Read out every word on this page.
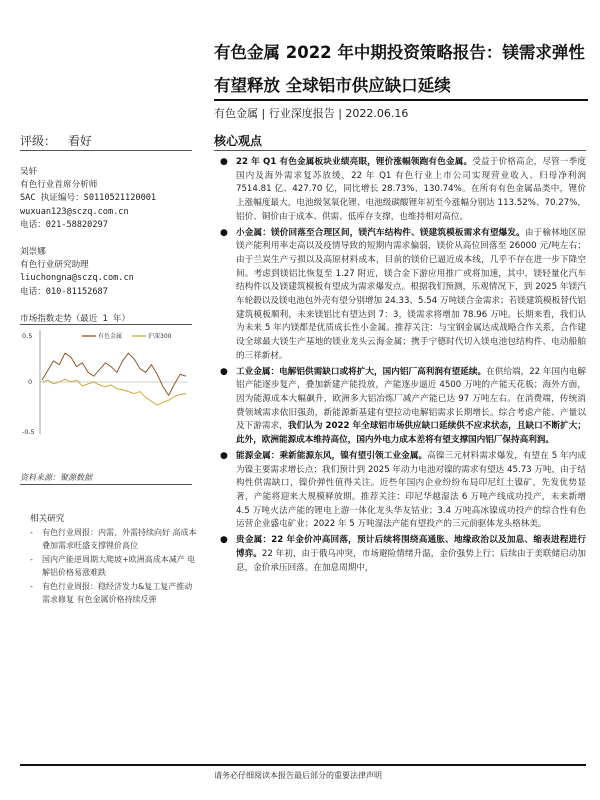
有色金属 2022 年中期投资策略报告：镁需求弹性有望释放 全球铝市供应缺口延续
有色金属 | 行业深度报告 | 2022.06.16
评级： 看好	核心观点
吴轩
有色行业首席分析师
SAC 执证编号：S0110521120001
wuxuan123@sczq.com.cn
电话：021-58820297
刘崇娜
有色行业研究助理
liuchongna@sczq.com.cn
电话：010-81152687
市场指数走势（最近 1 年）
0.5
0
-0.5
有色金属	沪深300
资料来源：聚源数据
相关研究
- 有色行业周报：内需、外需持续向好 高成本叠加需求旺盛支撑锂价高位
- 国内产能逆周期大爬坡+欧洲高成本减产 电解铝价格易涨难跌
- 有色行业周报：稳经济发力&复工复产推动需求修复 有色金属价格持续反弹
● 22 年 Q1 有色金属板块业绩亮眼，锂价涨幅领跑有色金属。受益于价格高企，尽管一季度国内及海外需求复苏放缓，22 年 Q1 有色行业上市公司实现营业收入、归母净利润 7514.81 亿、427.70 亿，同比增长 28.73%、130.74%。在所有有色金属品类中，锂价上涨幅度最大，电池级氢氧化锂、电池级碳酸锂年初至今涨幅分别达 113.52%、70.27%，铝价、铜价由于成本、供需、低库存支撑，也维持相对高位。
● 小金属：镁价回落至合理区间，镁汽车结构件、镁建筑模板需求有望爆发。由于榆林地区原镁产能利用率走高以及疫情导致的短期内需求偏弱，镁价从高位回落至 26000 元/吨左右；由于兰炭生产亏损以及高原材料成本，目前的镁价已逼近成本线，几乎不存在进一步下降空间。考虑到镁铝比恢复至 1.27 附近，镁合金下游应用推广或将加速，其中，镁轻量化汽车结构件以及镁建筑模板有望成为需求爆发点。根据我们预测，乐观情况下，到 2025 年镁汽车轮毂以及镁电池包外壳有望分别增加 24.33、5.54 万吨镁合金需求；若镁建筑模板替代铝建筑模板顺利，未来镁铝比有望达到 7：3，镁需求将增加 78.96 万吨。长期来看，我们认为未来 5 年内镁都是优质成长性小金属。推荐关注：与宝钢金属达成战略合作关系，合作建设全球最大镁生产基地的镁业龙头云海金属；携手宁德时代切入镁电池包结构件、电动船舶的三祥新材。
● 工业金属：电解铝供需缺口或将扩大，国内铝厂高利润有望延续。在供给端，22 年国内电解铝产能逐步复产，叠加新建产能投放，产能逐步逼近 4500 万吨的产能天花板；海外方面，因为能源成本大幅飙升，欧洲多大铝冶炼厂减产产能已达 97 万吨左右。在消费端，传统消费领域需求依旧强劲，新能源新基建有望拉动电解铝需求长期增长。综合考虑产能、产量以及下游需求，我们认为 2022 年全球铝市场供应缺口延续供不应求状态，且缺口不断扩大；此外，欧洲能源成本维持高位，国内外电力成本差将有望支撑国内铝厂保持高利润。
● 能源金属：乘新能源东风，镍有望引领工业金属。高镍三元材料需求爆发，有望在 5 年内成为镍主要需求增长点；我们预计到 2025 年动力电池对镍的需求有望达 45.73 万吨，由于结构性供需缺口，镍价弹性值得关注。近些年国内企业纷纷布局印尼红土镍矿，先发优势显著，产能将迎来大规模释放期。推荐关注：印尼华越湿法 6 万吨产线成功投产，未来新增 4.5 万吨火法产能的锂电上游一体化龙头华友钴业；3.4 万吨高冰镍成功投产的综合性有色运营企业盛屯矿业；2022 年 5 万吨湿法产能有望投产的三元前驱体龙头格林美。
● 贵金属：22 年金价冲高回落，预计后续将围绕高通胀、地缘政治以及加息、缩表进程进行博弈。22 年初，由于俄乌冲突，市场避险情绪升温，金价强势上行；后续由于美联储启动加息，金价承压回落。在加息周期中，
请务必仔细阅读本报告最后部分的重要法律声明
